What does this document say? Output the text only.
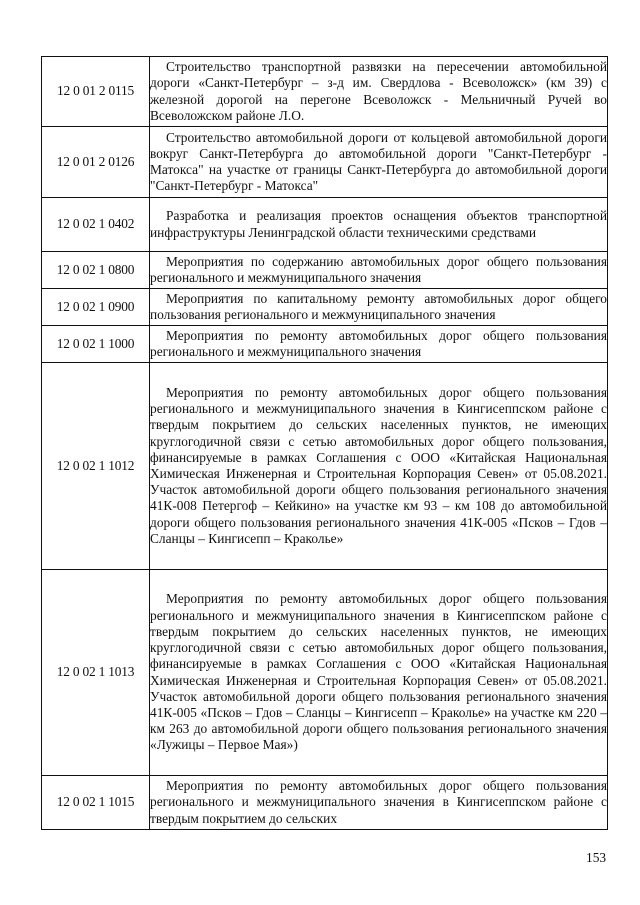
12 0 01 2 0115	Строительство транспортной развязки на пересечении автомобильной дороги «Санкт-Петербург – з-д им. Свердлова - Всеволожск» (км 39) с железной дорогой на перегоне Всеволожск - Мельничный Ручей во Всеволожском районе Л.О.
12 0 01 2 0126	Строительство автомобильной дороги от кольцевой автомобильной дороги вокруг Санкт-Петербурга до автомобильной дороги "Санкт-Петербург - Матокса" на участке от границы Санкт-Петербурга до автомобильной дороги "Санкт-Петербург - Матокса"
12 0 02 1 0402	Разработка и реализация проектов оснащения объектов транспортной инфраструктуры Ленинградской области техническими средствами
12 0 02 1 0800	Мероприятия по содержанию автомобильных дорог общего пользования регионального и межмуниципального значения
12 0 02 1 0900	Мероприятия по капитальному ремонту автомобильных дорог общего пользования регионального и межмуниципального значения
12 0 02 1 1000	Мероприятия по ремонту автомобильных дорог общего пользования регионального и межмуниципального значения
12 0 02 1 1012	Мероприятия по ремонту автомобильных дорог общего пользования регионального и межмуниципального значения в Кингисеппском районе с твердым покрытием до сельских населенных пунктов, не имеющих круглогодичной связи с сетью автомобильных дорог общего пользования, финансируемые в рамках Соглашения с ООО «Китайская Национальная Химическая Инженерная и Строительная Корпорация Севен» от 05.08.2021. Участок автомобильной дороги общего пользования регионального значения 41К-008 Петергоф – Кейкино» на участке км 93 – км 108 до автомобильной дороги общего пользования регионального значения 41К-005 «Псков – Гдов – Сланцы – Кингисепп – Краколье»
12 0 02 1 1013	Мероприятия по ремонту автомобильных дорог общего пользования регионального и межмуниципального значения в Кингисеппском районе с твердым покрытием до сельских населенных пунктов, не имеющих круглогодичной связи с сетью автомобильных дорог общего пользования, финансируемые в рамках Соглашения с ООО «Китайская Национальная Химическая Инженерная и Строительная Корпорация Севен» от 05.08.2021. Участок автомобильной дороги общего пользования регионального значения 41К-005 «Псков – Гдов – Сланцы – Кингисепп – Краколье» на участке км 220 – км 263 до автомобильной дороги общего пользования регионального значения «Лужицы – Первое Мая»)
12 0 02 1 1015	Мероприятия по ремонту автомобильных дорог общего пользования регионального и межмуниципального значения в Кингисеппском районе с твердым покрытием до сельских
153
